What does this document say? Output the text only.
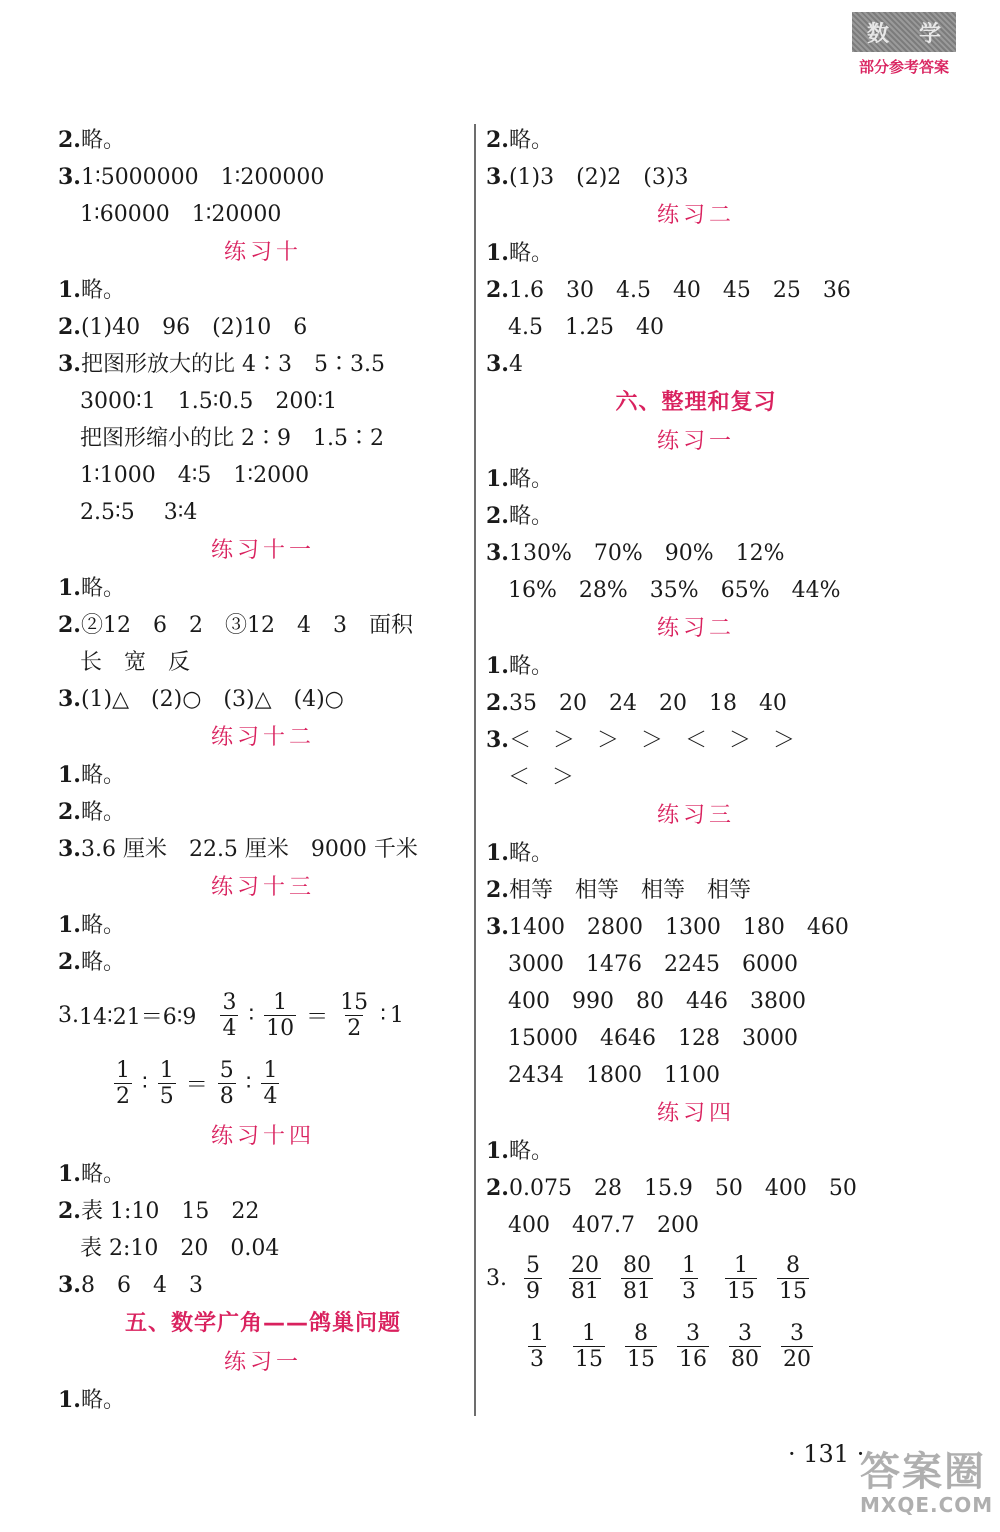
数 学
部分参考答案
2.略。
3.1∶5000000　1∶200000
1∶60000　1∶20000
练习十
1.略。
2.(1)40　96　(2)10　6
3.把图形放大的比 4∶3　5∶3.5
3000∶1　1.5∶0.5　200∶1
把图形缩小的比 2∶9　1.5∶2
1∶1000　4∶5　1∶2000
2.5∶5　 3∶4
练习十一
1.略。
2.②12　6　2　③12　4　3　面积
长　宽　反
3.(1)△　(2)○　(3)△　(4)○
练习十二
1.略。
2.略。
3.3.6 厘米　22.5 厘米　9000 千米
练习十三
1.略。
2.略。
3. 14∶21＝6∶9 $\frac{3}{4}$ ∶ $\frac{1}{10} = \frac{15}{2}$ ∶ 1
$\frac{1}{2}$ ∶ $\frac{1}{5} = \frac{5}{8}$ ∶ $\frac{1}{4}$
练习十四
1.略。
2.表 1:10　15　22
表 2:10　20　0.04
3.8　6　4　3
五、数学广角——鸽巢问题
练习一
1.略。
2.略。
3.(1)3　(2)2　(3)3
练习二
1.略。
2.1.6　30　4.5　40　45　25　36
4.5　1.25　40
3.4
六、整理和复习
练习一
1.略。
2.略。
3.130%　70%　90%　12%
16%　28%　35%　65%　44%
练习二
1.略。
2.35　20　24　20　18　40
3.＜　＞　＞　＞　＜　＞　＞
＜　＞
练习三
1.略。
2.相等　相等　相等　相等
3.1400　2800　1300　180　460
3000　1476　2245　6000
400　990　80　446　3800
15000　4646　128　3000
2434　1800　1100
练习四
1.略。
2.0.075　28　15.9　50　400　50
400　407.7　200
3. $\frac{5}{9} \frac{20}{81} \frac{80}{81} \frac{1}{3} \frac{1}{15} \frac{8}{15}$
$\frac{1}{3} \frac{1}{15} \frac{8}{15} \frac{3}{16} \frac{3}{80} \frac{3}{20}$
· 131 ·
答案圈
MXQE.COM
